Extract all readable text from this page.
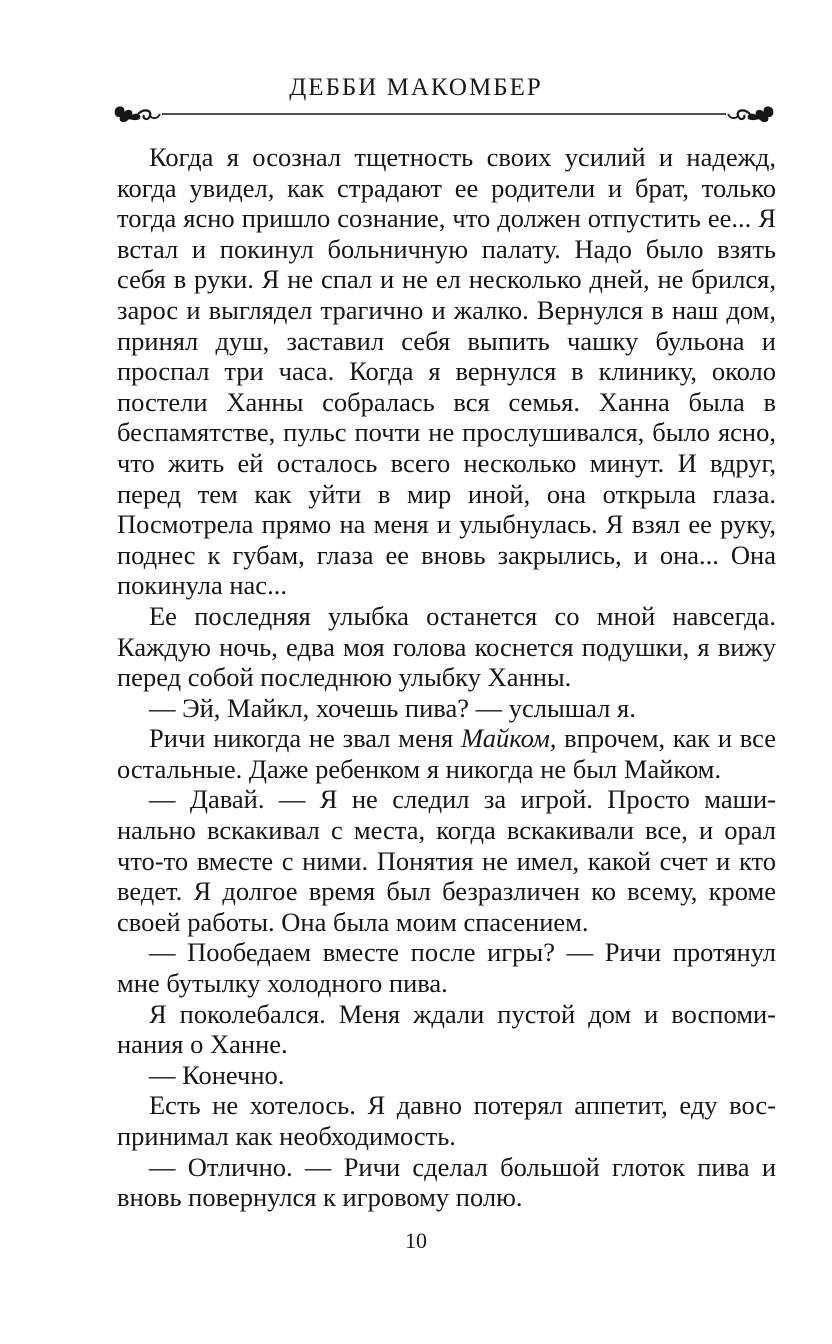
ДЕББИ МАКОМБЕР

Когда я осознал тщетность своих усилий и надежд, когда увидел, как страдают ее родители и брат, только тогда ясно пришло сознание, что должен отпустить ее... Я встал и покинул больничную палату. Надо было взять себя в руки. Я не спал и не ел несколько дней, не брился, зарос и выглядел трагично и жалко. Вернулся в наш дом, принял душ, заставил себя выпить чашку бульона и проспал три часа. Когда я вернулся в клинику, около постели Ханны собралась вся семья. Ханна была в беспамятстве, пульс почти не прослушивался, было ясно, что жить ей осталось всего несколько минут. И вдруг, перед тем как уйти в мир иной, она открыла глаза. Посмотрела прямо на меня и улыбнулась. Я взял ее руку, поднес к губам, глаза ее вновь закрылись, и она... Она покинула нас...

Ее последняя улыбка останется со мной навсегда. Каждую ночь, едва моя голова коснется подушки, я вижу перед собой последнюю улыбку Ханны.

— Эй, Майкл, хочешь пива? — услышал я.

Ричи никогда не звал меня Майком, впрочем, как и все остальные. Даже ребенком я никогда не был Майком.

— Давай. — Я не следил за игрой. Просто машинально вскакивал с места, когда вскакивали все, и орал что-то вместе с ними. Понятия не имел, какой счет и кто ведет. Я долгое время был безразличен ко всему, кроме своей работы. Она была моим спасением.

— Пообедаем вместе после игры? — Ричи протянул мне бутылку холодного пива.

Я поколебался. Меня ждали пустой дом и воспоминания о Ханне.

— Конечно.

Есть не хотелось. Я давно потерял аппетит, еду воспринимал как необходимость.

— Отлично. — Ричи сделал большой глоток пива и вновь повернулся к игровому полю.

10
